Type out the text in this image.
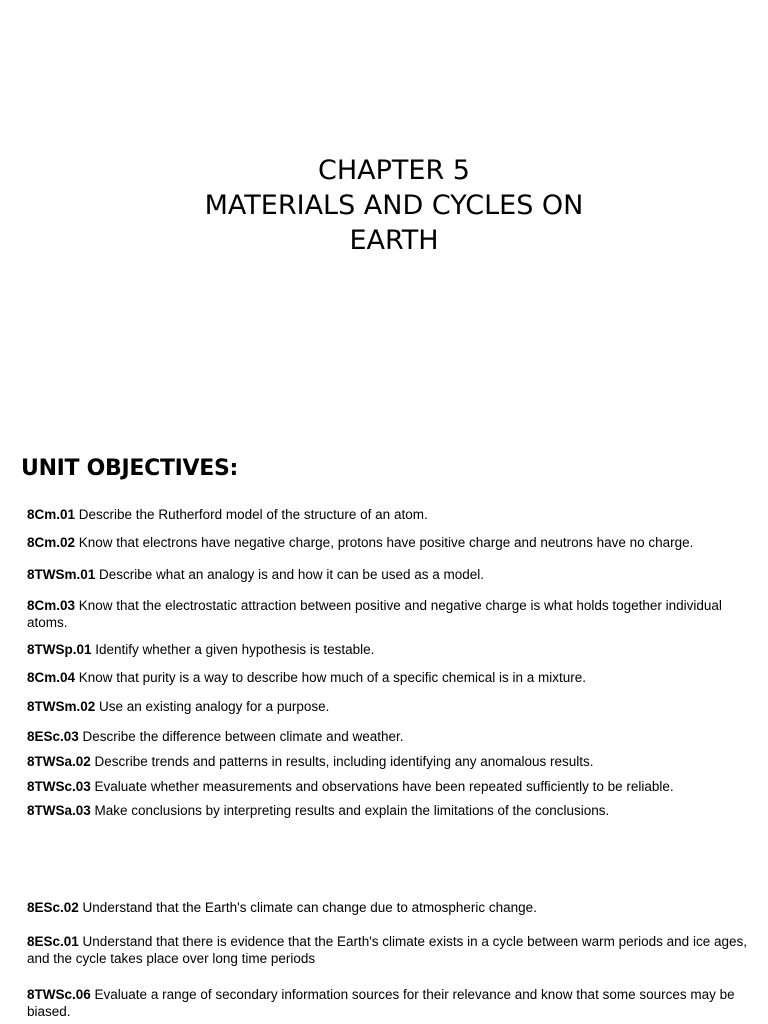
CHAPTER 5
MATERIALS AND CYCLES ON
EARTH
UNIT OBJECTIVES:

8Cm.01 Describe the Rutherford model of the structure of an atom.

8Cm.02 Know that electrons have negative charge, protons have positive charge and neutrons have no charge.

8TWSm.01 Describe what an analogy is and how it can be used as a model.

8Cm.03 Know that the electrostatic attraction between positive and negative charge is what holds together individual atoms.

8TWSp.01 Identify whether a given hypothesis is testable.

8Cm.04 Know that purity is a way to describe how much of a specific chemical is in a mixture.

8TWSm.02 Use an existing analogy for a purpose.

8ESc.03 Describe the difference between climate and weather.

8TWSa.02 Describe trends and patterns in results, including identifying any anomalous results.

8TWSc.03 Evaluate whether measurements and observations have been repeated sufficiently to be reliable.

8TWSa.03 Make conclusions by interpreting results and explain the limitations of the conclusions.

8ESc.02 Understand that the Earth's climate can change due to atmospheric change.

8ESc.01 Understand that there is evidence that the Earth's climate exists in a cycle between warm periods and ice ages, and the cycle takes place over long time periods

8TWSc.06 Evaluate a range of secondary information sources for their relevance and know that some sources may be biased.
